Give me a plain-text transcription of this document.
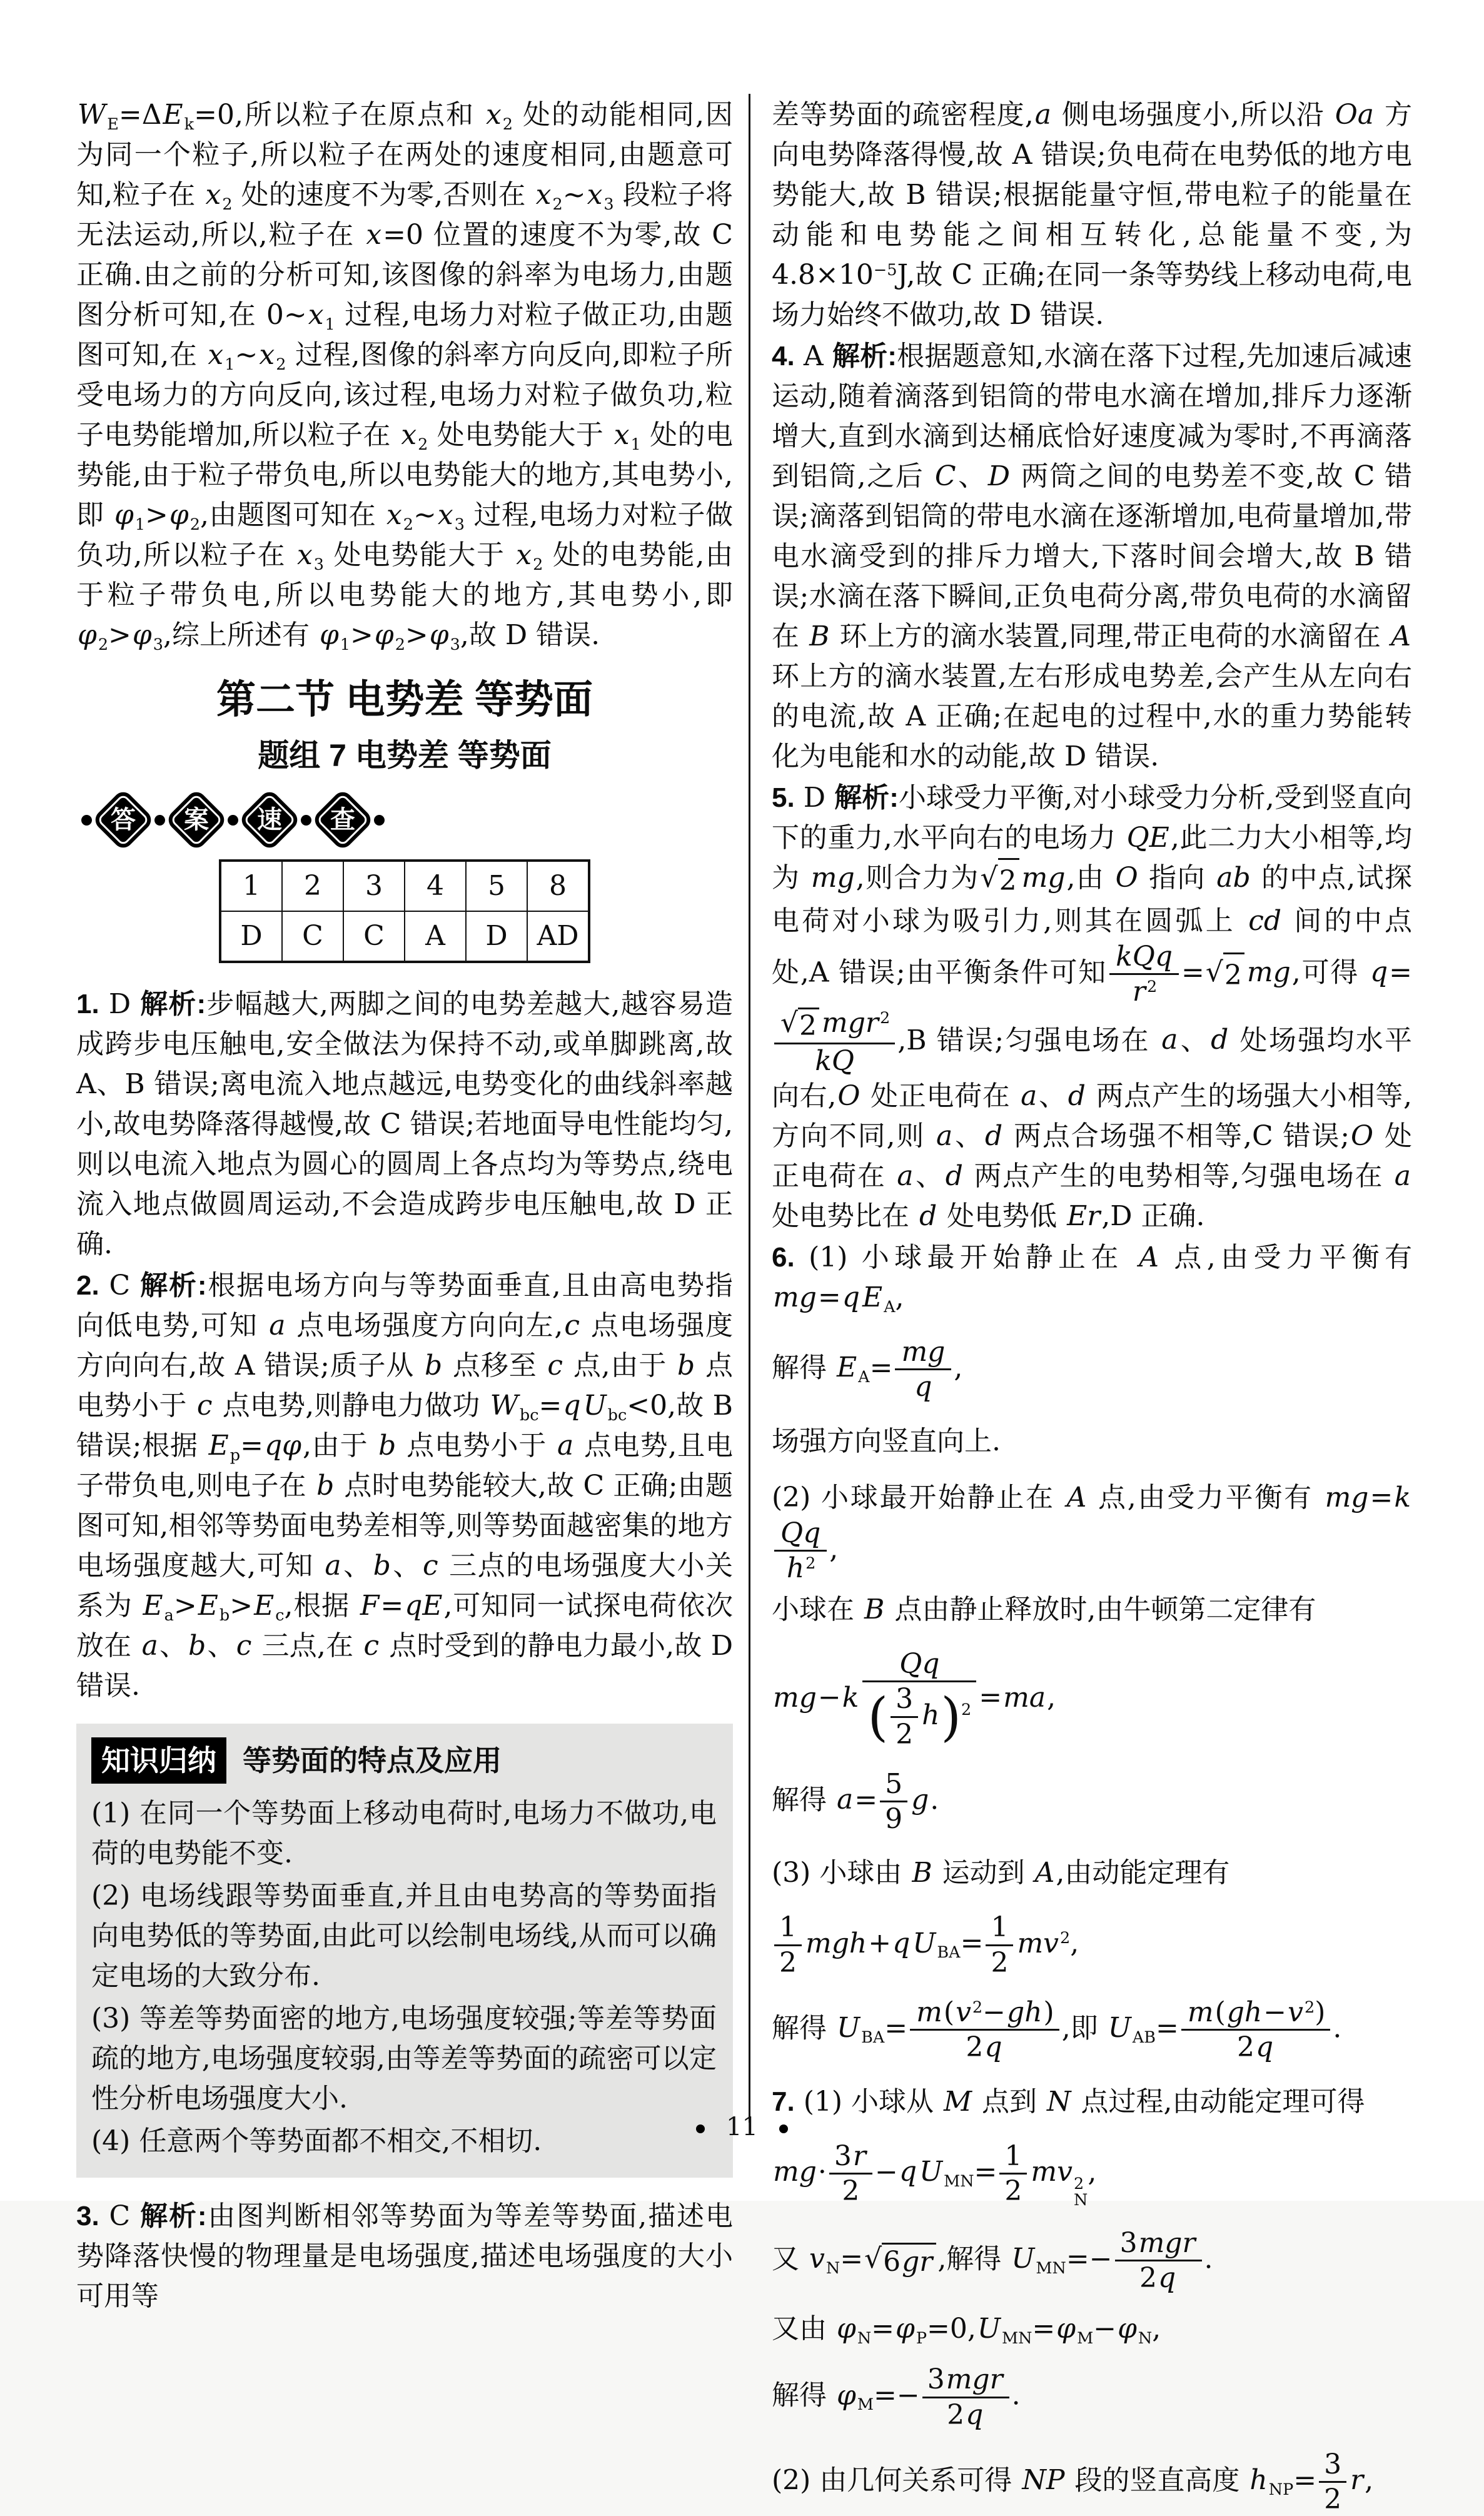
$W_E=\Delta E_k=0$,所以粒子在原点和 $x_2$ 处的动能相同,因为同一个粒子,所以粒子在两处的速度相同,由题意可知,粒子在 $x_2$ 处的速度不为零,否则在 $x_2\sim x_3$ 段粒子将无法运动,所以,粒子在 x=0 位置的速度不为零,故 C 正确.由之前的分析可知,该图像的斜率为电场力,由题图分析可知,在 $0\sim x_1$ 过程,电场力对粒子做正功,由题图可知,在 $x_1\sim x_2$ 过程,图像的斜率方向反向,即粒子所受电场力的方向反向,该过程,电场力对粒子做负功,粒子电势能增加,所以粒子在 $x_2$ 处电势能大于 $x_1$ 处的电势能,由于粒子带负电,所以电势能大的地方,其电势小,即 $\varphi_1>\varphi_2$,由题图可知在 $x_2\sim x_3$ 过程,电场力对粒子做负功,所以粒子在 $x_3$ 处电势能大于 $x_2$ 处的电势能,由于粒子带负电,所以电势能大的地方,其电势小,即 $\varphi_2>\varphi_3$,综上所述有 $\varphi_1>\varphi_2>\varphi_3$,故 D 错误.

第二节 电势差 等势面
题组 7 电势差 等势面
答	案	速	查
1	2	3	4	5	8
D	C	C	A	D	AD

1. D 解析:步幅越大,两脚之间的电势差越大,越容易造成跨步电压触电,安全做法为保持不动,或单脚跳离,故 A、B 错误;离电流入地点越远,电势变化的曲线斜率越小,故电势降落得越慢,故 C 错误;若地面导电性能均匀,则以电流入地点为圆心的圆周上各点均为等势点,绕电流入地点做圆周运动,不会造成跨步电压触电,故 D 正确.

2. C 解析:根据电场方向与等势面垂直,且由高电势指向低电势,可知 a 点电场强度方向向左,c 点电场强度方向向右,故 A 错误;质子从 b 点移至 c 点,由于 b 点电势小于 c 点电势,则静电力做功 $W_{bc}=qU_{bc}<0$,故 B 错误;根据 $E_p=q\varphi$,由于 b 点电势小于 a 点电势,且电子带负电,则电子在 b 点时电势能较大,故 C 正确;由题图可知,相邻等势面电势差相等,则等势面越密集的地方电场强度越大,可知 a、b、c 三点的电场强度大小关系为 $E_a>E_b>E_c$,根据 F=qE,可知同一试探电荷依次放在 a、b、c 三点,在 c 点时受到的静电力最小,故 D 错误.

知识归纳 等势面的特点及应用

(1) 在同一个等势面上移动电荷时,电场力不做功,电荷的电势能不变.

(2) 电场线跟等势面垂直,并且由电势高的等势面指向电势低的等势面,由此可以绘制电场线,从而可以确定电场的大致分布.

(3) 等差等势面密的地方,电场强度较强;等差等势面疏的地方,电场强度较弱,由等差等势面的疏密可以定性分析电场强度大小.

(4) 任意两个等势面都不相交,不相切.

3. C 解析:由图判断相邻等势面为等差等势面,描述电势降落快慢的物理量是电场强度,描述电场强度的大小可用等

差等势面的疏密程度,a 侧电场强度小,所以沿 Oa 方向电势降落得慢,故 A 错误;负电荷在电势低的地方电势能大,故 B 错误;根据能量守恒,带电粒子的能量在动能和电势能之间相互转化,总能量不变,为 $4.8\times 10^{-5}J$,故 C 正确;在同一条等势线上移动电荷,电场力始终不做功,故 D 错误.

4. A 解析:根据题意知,水滴在落下过程,先加速后减速运动,随着滴落到铝筒的带电水滴在增加,排斥力逐渐增大,直到水滴到达桶底恰好速度减为零时,不再滴落到铝筒,之后 C、D 两筒之间的电势差不变,故 C 错误;滴落到铝筒的带电水滴在逐渐增加,电荷量增加,带电水滴受到的排斥力增大,下落时间会增大,故 B 错误;水滴在落下瞬间,正负电荷分离,带负电荷的水滴留在 B 环上方的滴水装置,同理,带正电荷的水滴留在 A 环上方的滴水装置,左右形成电势差,会产生从左向右的电流,故 A 正确;在起电的过程中,水的重力势能转化为电能和水的动能,故 D 错误.

5. D 解析:小球受力平衡,对小球受力分析,受到竖直向下的重力,水平向右的电场力 QE,此二力大小相等,均为 mg,则合力为 √ 2 mg,由 O 指向 ab 的中点,试探电荷对小球为吸引力,则其在圆弧上 cd 间的中点处,A 错误;由平衡条件可知 $\frac{\text{kQq}}{r^2}$ = √ 2 mg,可得 q=
$\frac{√ 2 mgr^2}{kQ} ,B$ 错误;匀强电场在 a、d 处场强均水平向右,O 处正电荷在 a、d 两点产生的场强大小相等,方向不同,则 a、d 两点合场强不相等,C 错误;O 处正电荷在 a、d 两点产生的电势相等,匀强电场在 a 处电势比在 d 处电势低 Er,D 正确.

6. (1) 小球最开始静止在 A 点,由受力平衡有 $mg=qE_A$,

解得 $E_A= \frac{mg}{q}$ ,

场强方向竖直向上.

(2) 小球最开始静止在 A 点,由受力平衡有 mg=k
$\frac{Qq}{h^2}$ ,

小球在 B 点由静止释放时,由牛顿第二定律有

$mg-k \frac{Qq}{( \frac{3}{2} h)^2} =ma$,

解得 $a= \frac{5}{9} g$.

(3) 小球由 B 运动到 A,由动能定理有

$\frac{1}{2} mgh+qU_{BA}= \frac{1}{2} mv^2$,

解得 $U_{BA}= \frac{m(v^2-gh)}{2q}$ ,即 $U_{AB}= \frac{m(gh-v^2)}{2q}$ .

7. (1) 小球从 M 点到 N 点过程,由动能定理可得

$mg\cdot \frac{3r}{2} -qU_{MN}= \frac{1}{2}$ mv 2
N
,

又 $v_N=$ √ 6gr ,解得 $U_{MN}=- \frac{\text{3mgr}}{2q}$ .

又由 $\varphi_N=\varphi_P=0,U_{MN}=\varphi_M-\varphi_N$,

解得 $\varphi_M=- \frac{\text{3mgr}}{2q}$ .

(2) 由几何关系可得 NP 段的竖直高度 $h_{NP}= \frac{3}{2} r$,

11
